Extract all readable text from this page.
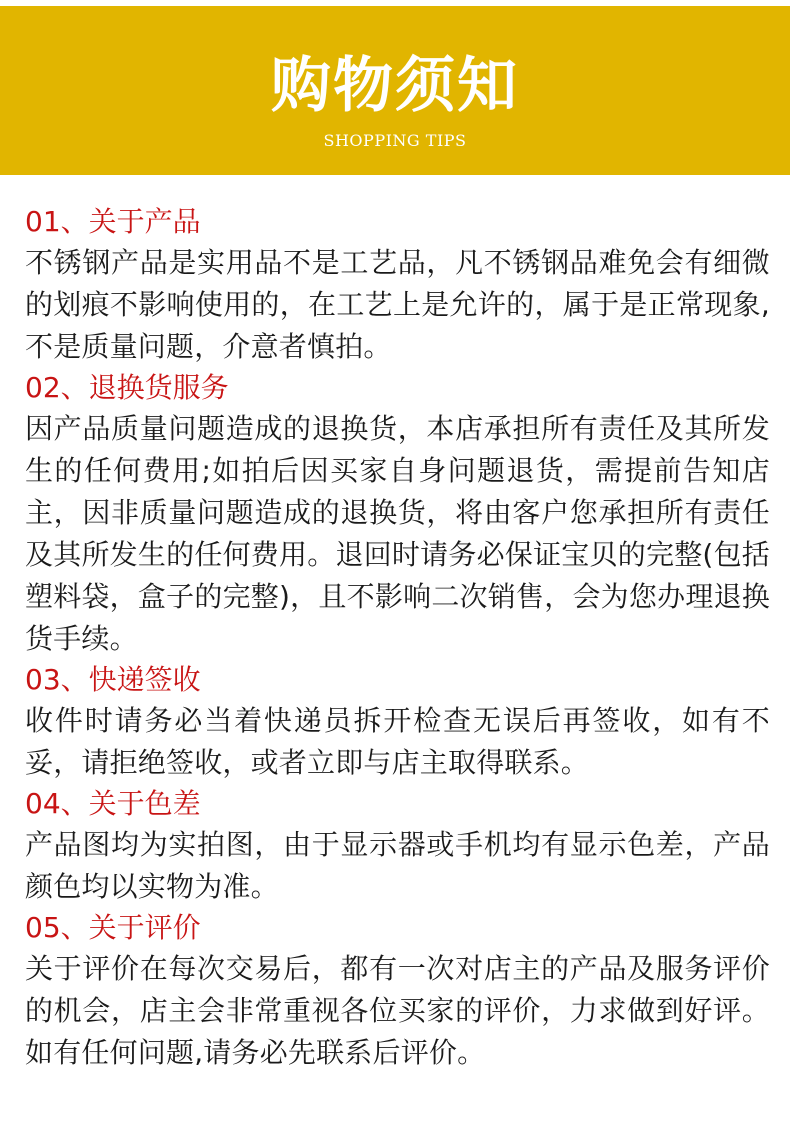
购物须知
SHOPPING TIPS
01、关于产品
不锈钢产品是实用品不是工艺品，凡不锈钢品难免会有细微的划痕不影响使用的，在工艺上是允许的，属于是正常现象,不是质量问题，介意者慎拍。
02、退换货服务
因产品质量问题造成的退换货，本店承担所有责任及其所发生的任何费用;如拍后因买家自身问题退货，需提前告知店主，因非质量问题造成的退换货，将由客户您承担所有责任及其所发生的任何费用。退回时请务必保证宝贝的完整(包括塑料袋，盒子的完整)，且不影响二次销售，会为您办理退换货手续。
03、快递签收
收件时请务必当着快递员拆开检查无误后再签收，如有不妥，请拒绝签收，或者立即与店主取得联系。
04、关于色差
产品图均为实拍图，由于显示器或手机均有显示色差，产品颜色均以实物为准。
05、关于评价
关于评价在每次交易后，都有一次对店主的产品及服务评价的机会，店主会非常重视各位买家的评价，力求做到好评。如有任何问题,请务必先联系后评价。
